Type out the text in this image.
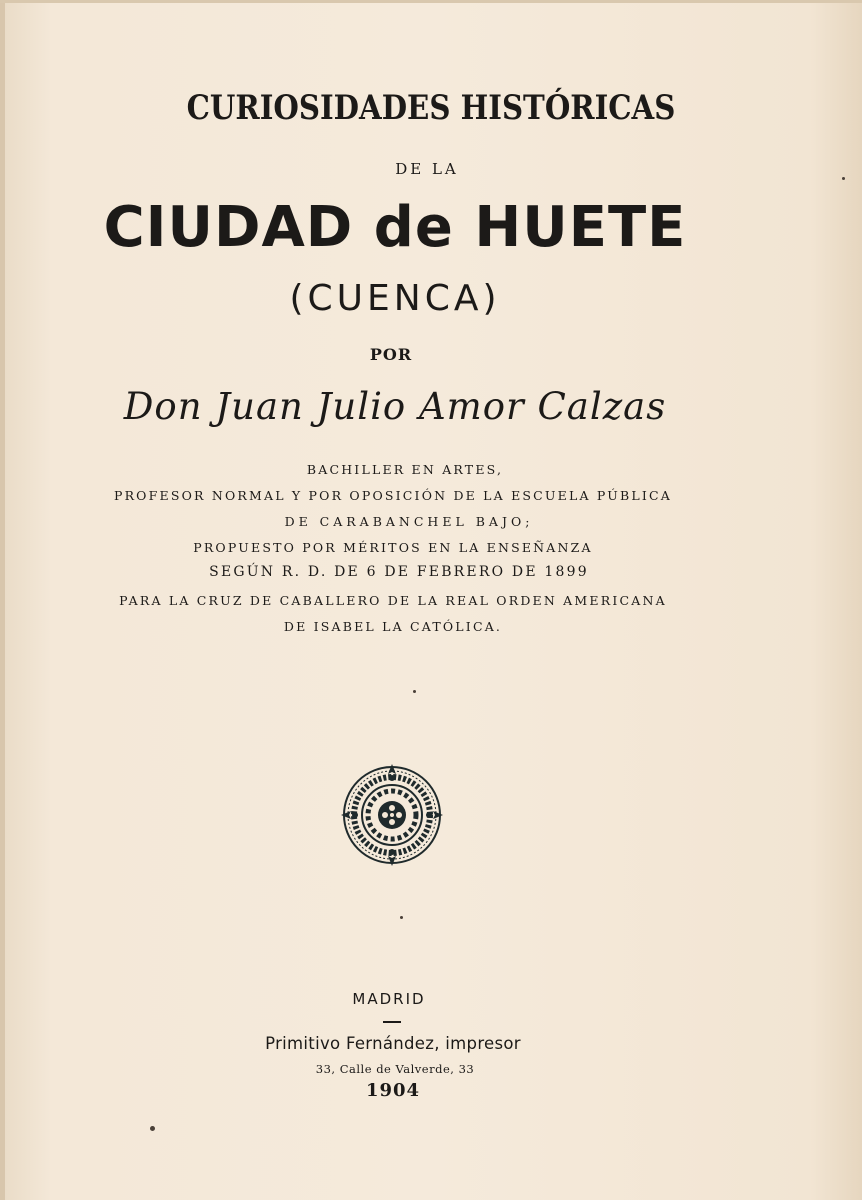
CURIOSIDADES HISTÓRICAS
DE LA
CIUDAD de HUETE
(CUENCA)
POR
Don Juan Julio Amor Calzas
BACHILLER EN ARTES,
PROFESOR NORMAL Y POR OPOSICIÓN DE LA ESCUELA PÚBLICA
DE CARABANCHEL BAJO;
PROPUESTO POR MÉRITOS EN LA ENSEÑANZA
SEGÚN R. D. DE 6 DE FEBRERO DE 1899
PARA LA CRUZ DE CABALLERO DE LA REAL ORDEN AMERICANA
DE ISABEL LA CATÓLICA.
MADRID
Primitivo Fernández, impresor
33, Calle de Valverde, 33
1904
